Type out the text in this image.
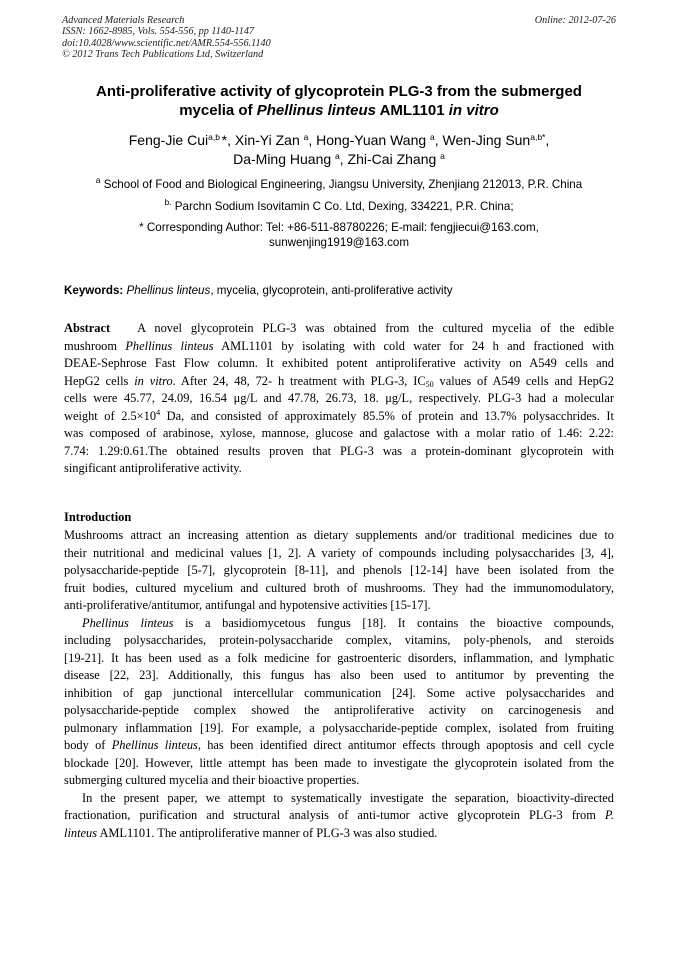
Advanced Materials Research
ISSN: 1662-8985, Vols. 554-556, pp 1140-1147
doi:10.4028/www.scientific.net/AMR.554-556.1140
© 2012 Trans Tech Publications Ltd, Switzerland
Online: 2012-07-26
Anti-proliferative activity of glycoprotein PLG-3 from the submerged
mycelia of Phellinus linteus AML1101 in vitro
Feng-Jie Cui$^{a,b}$ *, Xin-Yi Zan $^a$, Hong-Yuan Wang $^a$, Wen-Jing Sun$^{a,b*}$,
Da-Ming Huang $^a$, Zhi-Cai Zhang $^a$
$^a$ School of Food and Biological Engineering, Jiangsu University, Zhenjiang 212013, P.R. China
$^{b.}$ Parchn Sodium Isovitamin C Co. Ltd, Dexing, 334221, P.R. China;
* Corresponding Author: Tel: +86-511-88780226; E-mail: fengjiecui@163.com,
sunwenjing1919@163.com
Keywords: Phellinus linteus, mycelia, glycoprotein, anti-proliferative activity
Abstract A novel glycoprotein PLG-3 was obtained from the cultured mycelia of the edible
mushroom Phellinus linteus AML1101 by isolating with cold water for 24 h and fractioned with
DEAE-Sephrose Fast Flow column. It exhibited potent antiproliferative activity on A549 cells and
HepG2 cells in vitro. After 24, 48, 72- h treatment with PLG-3, $IC_{50}$ values of A549 cells and HepG2
cells were 45.77, 24.09, 16.54 μg/L and 47.78, 26.73, 18. μg/L, respectively. PLG-3 had a molecular
weight of $2.5\times 10^4$ Da, and consisted of approximately 85.5% of protein and 13.7% polysacchrides. It
was composed of arabinose, xylose, mannose, glucose and galactose with a molar ratio of 1.46: 2.22:
7.74: 1.29:0.61.The obtained results proven that PLG-3 was a protein-dominant glycoprotein with
singificant antiproliferative activity.
Introduction
Mushrooms attract an increasing attention as dietary supplements and/or traditional medicines due to
their nutritional and medicinal values [1, 2]. A variety of compounds including polysaccharides [3, 4],
polysaccharide-peptide [5-7], glycoprotein [8-11], and phenols [12-14] have been isolated from the
fruit bodies, cultured mycelium and cultured broth of mushrooms. They had the immunomodulatory,
anti-proliferative/antitumor, antifungal and hypotensive activities [15-17].
Phellinus linteus is a basidiomycetous fungus [18]. It contains the bioactive compounds,
including polysaccharides, protein-polysaccharide complex, vitamins, poly-phenols, and steroids
[19-21]. It has been used as a folk medicine for gastroenteric disorders, inflammation, and lymphatic
disease [22, 23]. Additionally, this fungus has also been used to antitumor by preventing the
inhibition of gap junctional intercellular communication [24]. Some active polysaccharides and
polysaccharide-peptide complex showed the antiproliferative activity on carcinogenesis and
pulmonary inflammation [19]. For example, a polysaccharide-peptide complex, isolated from fruiting
body of Phellinus linteus, has been identified direct antitumor effects through apoptosis and cell cycle
blockade [20]. However, little attempt has been made to investigate the glycoprotein isolated from the
submerging cultured mycelia and their bioactive properties.
In the present paper, we attempt to systematically investigate the separation, bioactivity-directed
fractionation, purification and structural analysis of anti-tumor active glycoprotein PLG-3 from P.
linteus AML1101. The antiproliferative manner of PLG-3 was also studied.
